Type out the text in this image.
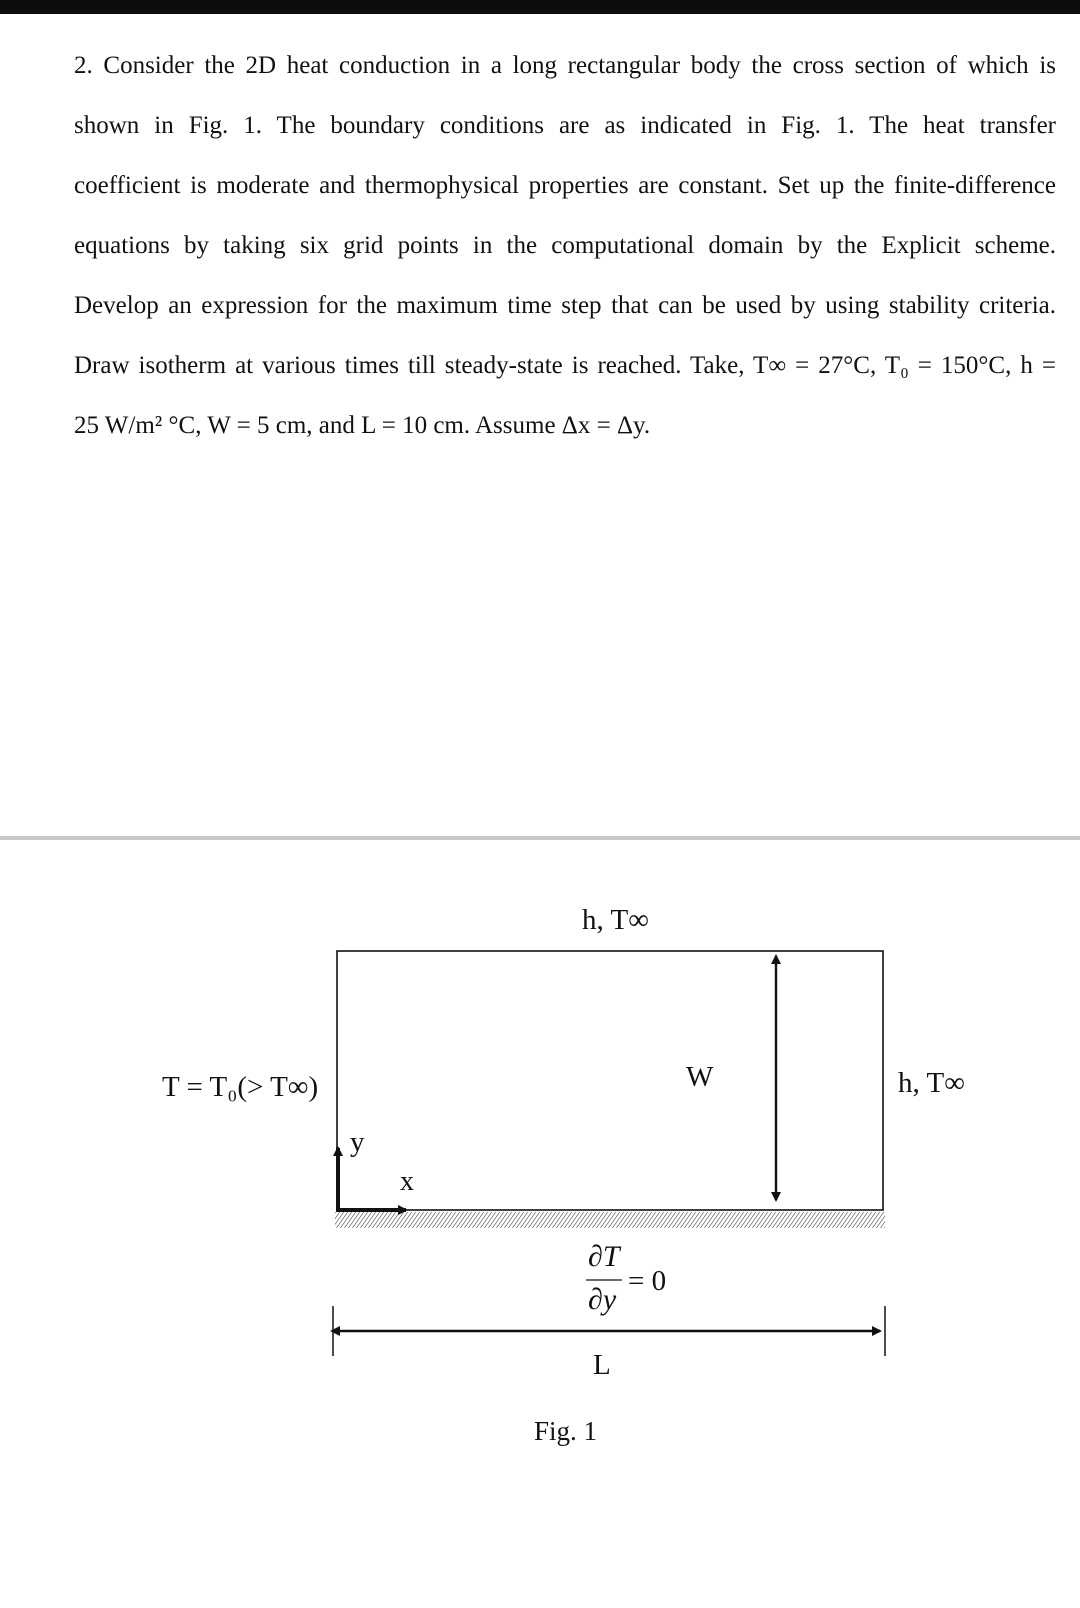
2. Consider the 2D heat conduction in a long rectangular body the cross section of which is
shown in Fig. 1. The boundary conditions are as indicated in Fig. 1. The heat transfer
coefficient is moderate and thermophysical properties are constant. Set up the finite-difference
equations by taking six grid points in the computational domain by the Explicit scheme.
Develop an expression for the maximum time step that can be used by using stability criteria.
Draw isotherm at various times till steady-state is reached. Take, T∞ = 27°C, T₀ = 150°C, h =
25 W/m² °C, W = 5 cm, and L = 10 cm. Assume Δx = Δy.
h, T∞
T = T₀(> T∞)	h, T∞
W
y
x
∂T
∂y
= 0
L
Fig. 1
